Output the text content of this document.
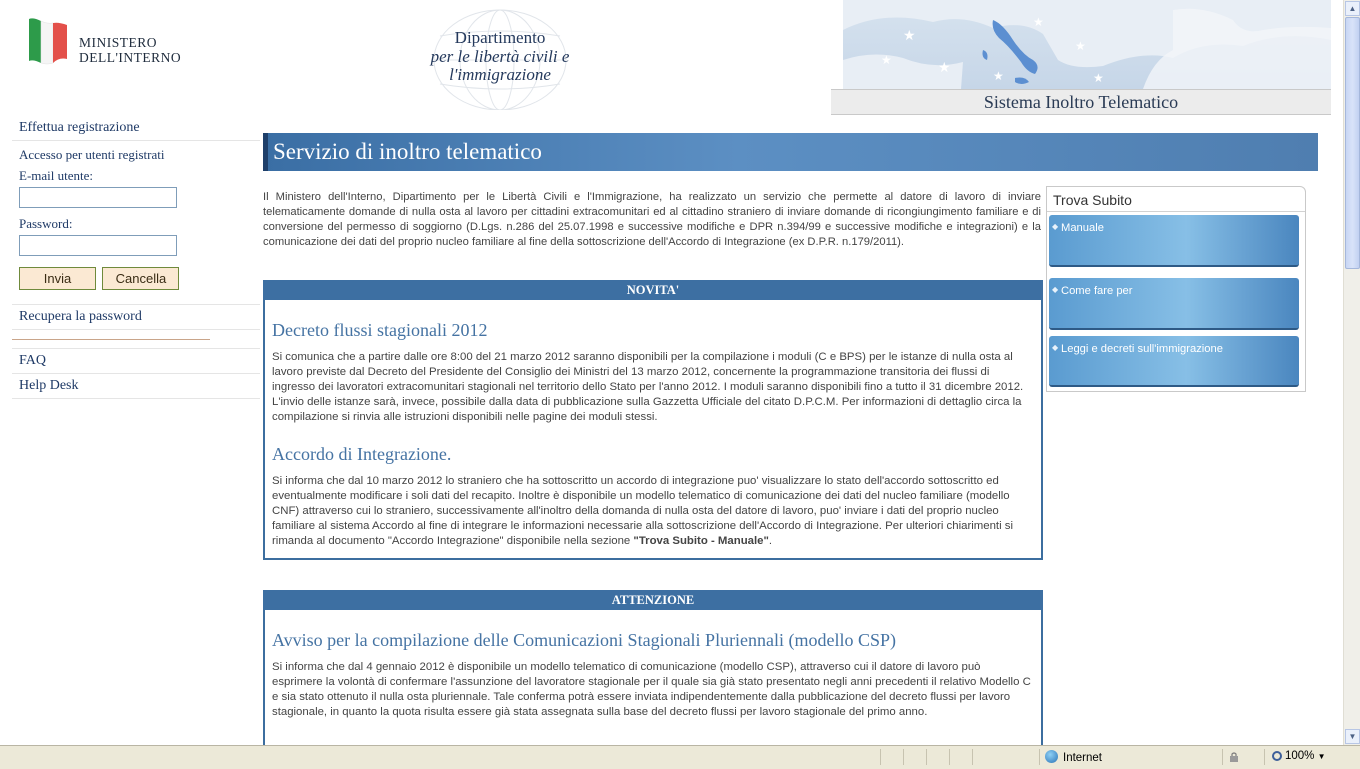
MINISTERO
DELL'INTERNO
Dipartimento
per le libertà civili e
l'immigrazione
★
★
★
★
★
★	★
Sistema Inoltro Telematico
Effettua registrazione
Accesso per utenti registrati
E-mail utente:
Password:
Invia	Cancella
Recupera la password
FAQ
Help Desk
Servizio di inoltro telematico
Il Ministero dell'Interno, Dipartimento per le Libertà Civili e l'Immigrazione, ha realizzato un servizio che permette al datore di lavoro di inviare telematicamente domande di nulla osta al lavoro per cittadini extracomunitari ed al cittadino straniero di inviare domande di ricongiungimento familiare e di conversione del permesso di soggiorno (D.Lgs. n.286 del 25.07.1998 e successive modifiche e DPR n.394/99 e successive modifiche e integrazioni) e la comunicazione dei dati del proprio nucleo familiare al fine della sottoscrizione dell'Accordo di Integrazione (ex D.P.R. n.179/2011).
NOVITA'
Decreto flussi stagionali 2012

Si comunica che a partire dalle ore 8:00 del 21 marzo 2012 saranno disponibili per la compilazione i moduli (C e BPS) per le istanze di nulla osta al lavoro previste dal Decreto del Presidente del Consiglio dei Ministri del 13 marzo 2012, concernente la programmazione transitoria dei flussi di ingresso dei lavoratori extracomunitari stagionali nel territorio dello Stato per l'anno 2012. I moduli saranno disponibili fino a tutto il 31 dicembre 2012. L'invio delle istanze sarà, invece, possibile dalla data di pubblicazione sulla Gazzetta Ufficiale del citato D.P.C.M. Per informazioni di dettaglio circa la compilazione si rinvia alle istruzioni disponibili nelle pagine dei moduli stessi.

Accordo di Integrazione.

Si informa che dal 10 marzo 2012 lo straniero che ha sottoscritto un accordo di integrazione puo' visualizzare lo stato dell'accordo sottoscritto ed eventualmente modificare i soli dati del recapito. Inoltre è disponibile un modello telematico di comunicazione dei dati del nucleo familiare (modello CNF) attraverso cui lo straniero, successivamente all'inoltro della domanda di nulla osta del datore di lavoro, puo' inviare i dati del proprio nucleo familiare al sistema Accordo al fine di integrare le informazioni necessarie alla sottoscrizione dell'Accordo di Integrazione. Per ulteriori chiarimenti si rimanda al documento "Accordo Integrazione" disponibile nella sezione "Trova Subito - Manuale".

ATTENZIONE
Avviso per la compilazione delle Comunicazioni Stagionali Pluriennali (modello CSP)

Si informa che dal 4 gennaio 2012 è disponibile un modello telematico di comunicazione (modello CSP), attraverso cui il datore di lavoro può esprimere la volontà di confermare l'assunzione del lavoratore stagionale per il quale sia già stato presentato negli anni precedenti il relativo Modello C e sia stato ottenuto il nulla osta pluriennale. Tale conferma potrà essere inviata indipendentemente dalla pubblicazione del decreto flussi per lavoro stagionale, in quanto la quota risulta essere già stata assegnata sulla base del decreto flussi per lavoro stagionale del primo anno.

Trova Subito
◆ Manuale
◆ Come fare per
◆ Leggi e decreti sull'immigrazione
▲
▼
Internet	100% ▼
